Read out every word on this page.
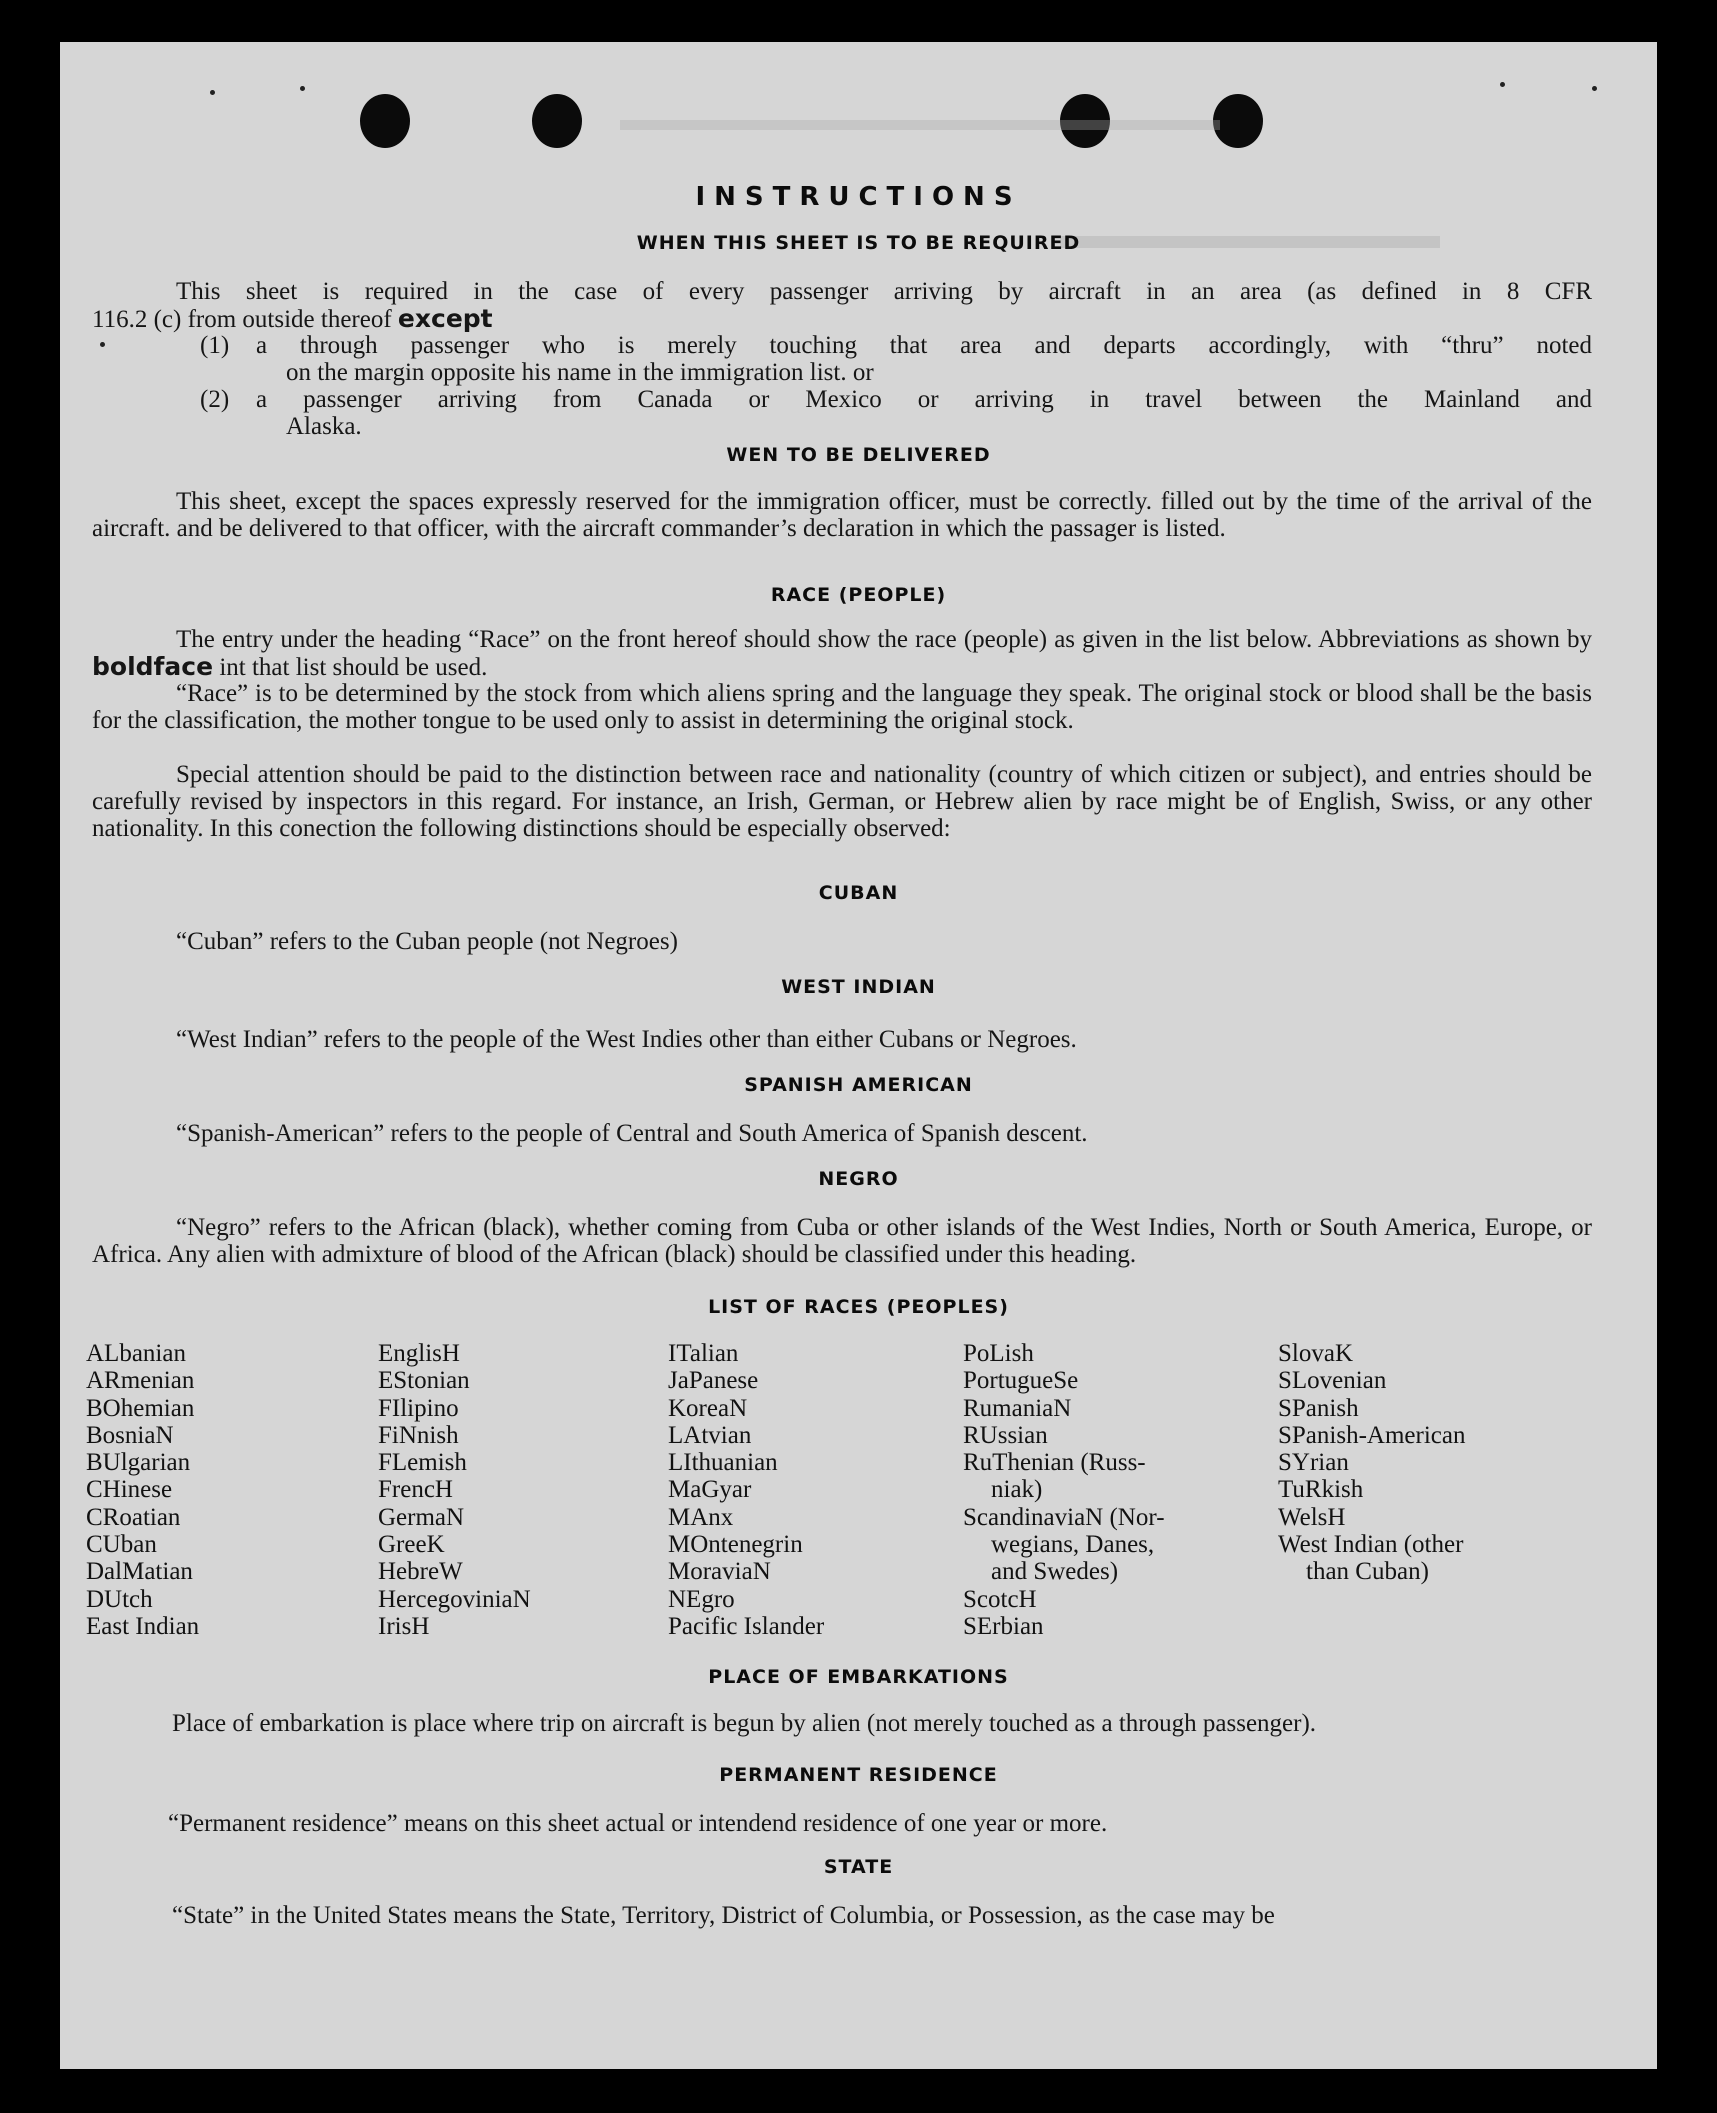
INSTRUCTIONS
WHEN THIS SHEET IS TO BE REQUIRED
This sheet is required in the case of every passenger arriving by aircraft in an area (as defined in 8 CFR
116.2 (c) from outside thereof except
(1) a through passenger who is merely touching that area and departs accordingly, with “thru” noted
on the margin opposite his name in the immigration list. or
(2) a passenger arriving from Canada or Mexico or arriving in travel between the Mainland and
Alaska.
WEN TO BE DELIVERED
This sheet, except the spaces expressly reserved for the immigration officer, must be correctly. filled out by the time of the arrival of the aircraft. and be delivered to that officer, with the aircraft commander’s declaration in which the passager is listed.
RACE (PEOPLE)
The entry under the heading “Race” on the front hereof should show the race (people) as given in the list below. Abbreviations as shown by boldface int that list should be used.
“Race” is to be determined by the stock from which aliens spring and the language they speak. The original stock or blood shall be the basis for the classification, the mother tongue to be used only to assist in determining the original stock.
Special attention should be paid to the distinction between race and nationality (country of which citizen or subject), and entries should be carefully revised by inspectors in this regard. For instance, an Irish, German, or Hebrew alien by race might be of English, Swiss, or any other nationality. In this conection the following distinctions should be especially observed:
CUBAN
“Cuban” refers to the Cuban people (not Negroes)
WEST INDIAN
“West Indian” refers to the people of the West Indies other than either Cubans or Negroes.
SPANISH AMERICAN
“Spanish-American” refers to the people of Central and South America of Spanish descent.
NEGRO
“Negro” refers to the African (black), whether coming from Cuba or other islands of the West Indies, North or South America, Europe, or Africa. Any alien with admixture of blood of the African (black) should be classified under this heading.
LIST OF RACES (PEOPLES)
ALbanian
ARmenian
BOhemian
BosniaN
BUlgarian
CHinese
CRoatian
CUban
DalMatian
DUtch
East Indian
EnglisH
EStonian
FIlipino
FiNnish
FLemish
FrencH
GermaN
GreeK
HebreW
HercegoviniaN
IrisH
ITalian
JaPanese
KoreaN
LAtvian
LIthuanian
MaGyar
MAnx
MOntenegrin
MoraviaN
NEgro
Pacific Islander
PoLish
PortugueSe
RumaniaN
RUssian
RuThenian (Russ-
niak)
ScandinaviaN (Nor-
wegians, Danes,
and Swedes)
ScotcH
SErbian
SlovaK
SLovenian
SPanish
SPanish-American
SYrian
TuRkish
WelsH
West Indian (other
than Cuban)
PLACE OF EMBARKATIONS
Place of embarkation is place where trip on aircraft is begun by alien (not merely touched as a through passenger).
PERMANENT RESIDENCE
“Permanent residence” means on this sheet actual or intendend residence of one year or more.
STATE
“State” in the United States means the State, Territory, District of Columbia, or Possession, as the case may be
